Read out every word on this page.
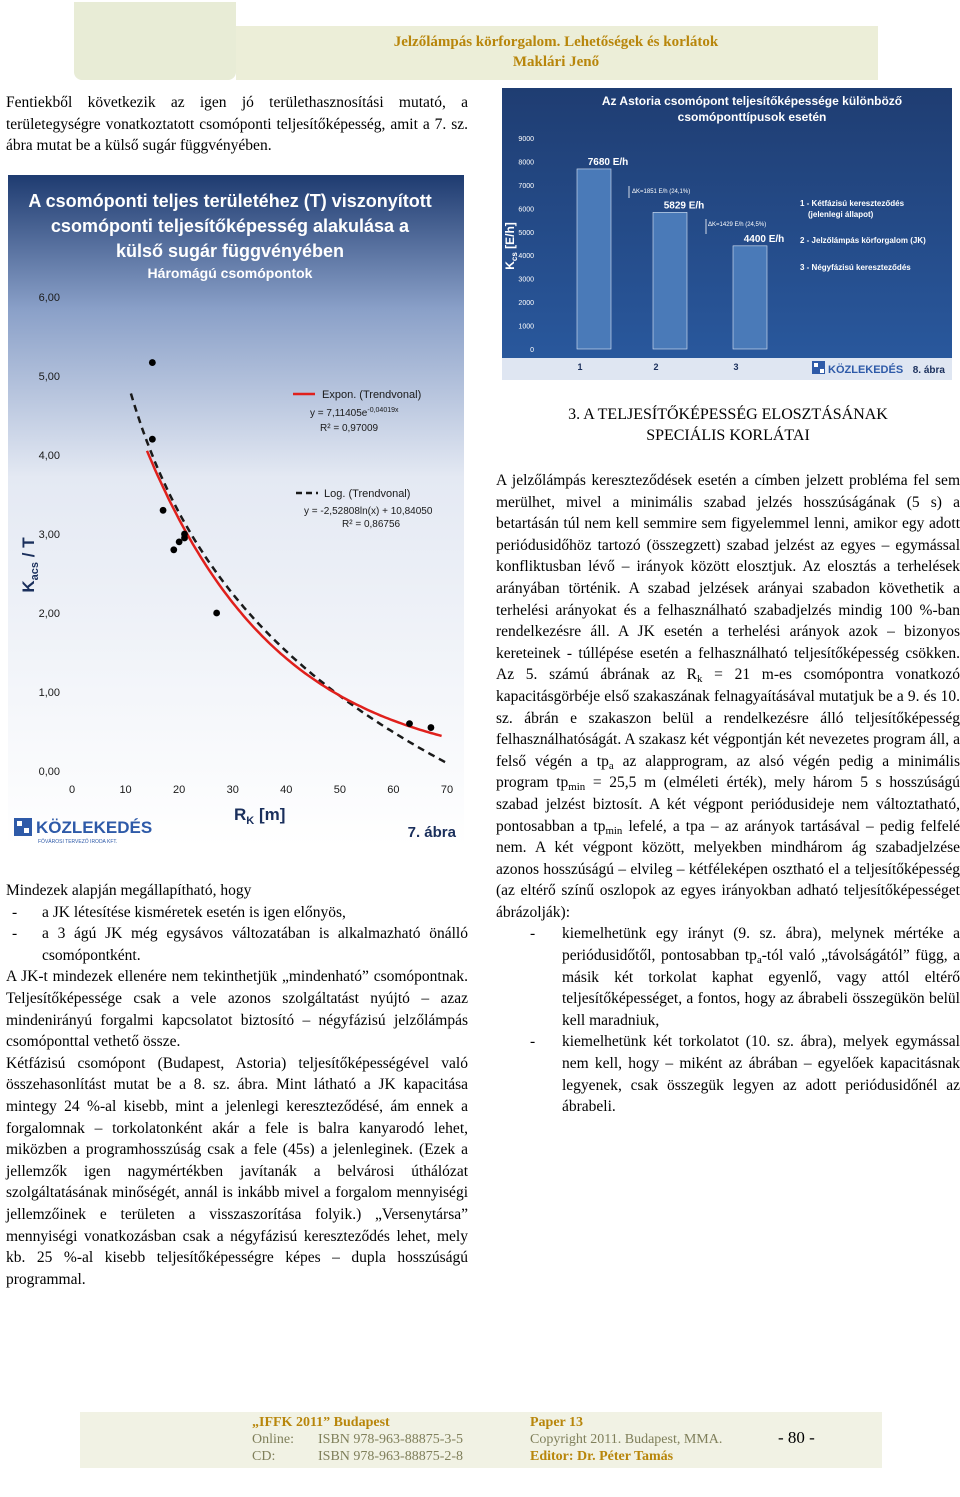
Jelzőlámpás körforgalom. Lehetőségek és korlátok
Maklári Jenő

Fentiekből következik az igen jó területhasznosítási mutató, a területegységre vonatkoztatott csomóponti teljesítőképesség, amit a 7. sz. ábra mutat be a külső sugár függvényében.

A csomóponti teljes területéhez (T) viszonyított
csomóponti teljesítőképesség alakulása a
külső sugár függvényében
Háromágú csomópontok
$K_{acs}$ / T
0,00
1,00
2,00
3,00
4,00
5,00
6,00
0	10	20	30	40	50	60	70
Expon. (Trendvonal)
$y = 7,11405e^{-0,04019x}$
R² = 0,97009
Log. (Trendvonal)
y = -2,52808ln(x) + 10,84050
R² = 0,86756
$R_K$ [m]
KÖZLEKEDÉS
FŐVÁROSI TERVEZŐ IRODA KFT.
7. ábra
Az Astoria csomópont teljesítőképessége különböző
csomóponttípusok esetén
$K_{cs}$ [E/h]
0
1000
2000
3000
4000
5000
6000
7000
8000
9000
7680 E/h
1
5829 E/h
2
4400 E/h
3
ΔK=1851 E/h (24,1%)
ΔK=1429 E/h (24,5%)
1 - Kétfázisú kereszteződés
(jelenlegi állapot)
2 - Jelzőlámpás körforgalom (JK)
3 - Négyfázisú kereszteződés
KÖZLEKEDÉS 8. ábra
3. A TELJESÍTŐKÉPESSÉG ELOSZTÁSÁNAK
SPECIÁLIS KORLÁTAI

Mindezek alapján megállapítható, hogy

-	a JK létesítése kisméretek esetén is igen előnyös,
-	a 3 ágú JK még egysávos változatában is alkalmazható önálló csomópontként.

A JK-t mindezek ellenére nem tekinthetjük „mindenható” csomópontnak. Teljesítőképessége csak a vele azonos szolgáltatást nyújtó – azaz mindenirányú forgalmi kapcsolatot biztosító – négyfázisú jelzőlámpás csomóponttal vethető össze.

Kétfázisú csomópont (Budapest, Astoria) teljesítőképességével való összehasonlítást mutat be a 8. sz. ábra. Mint látható a JK kapacitása mintegy 24 %-al kisebb, mint a jelenlegi kereszteződésé, ám ennek a forgalomnak – torkolatonként akár a fele is balra kanyarodó lehet, miközben a programhosszúság csak a fele (45s) a jelenleginek. (Ezek a jellemzők igen nagymértékben javítanák a belvárosi úthálózat szolgáltatásának minőségét, annál is inkább mivel a forgalom mennyiségi jellemzőinek e területen a visszaszorítása folyik.) „Versenytársa” mennyiségi vonatkozásban csak a négyfázisú kereszteződés lehet, mely kb. 25 %-al kisebb teljesítőképességre képes – dupla hosszúságú programmal.

A jelzőlámpás kereszteződések esetén a címben jelzett probléma fel sem merülhet, mivel a minimális szabad jelzés hosszúságának (5 s) a betartásán túl nem kell semmire sem figyelemmel lenni, amikor egy adott periódusidőhöz tartozó (összegzett) szabad jelzést az egyes – egymással konfliktusban lévő – irányok között elosztjuk. Az elosztás a terhelések arányában történik. A szabad jelzések arányai szabadon követhetik a terhelési arányokat és a felhasználható szabadjelzés mindig 100 %-ban rendelkezésre áll. A JK esetén a terhelési arányok azok – bizonyos kereteinek - túllépése esetén a felhasználható teljesítőképesség csökken. Az 5. számú ábrának az $R_k = 21$ m-es csomópontra vonatkozó kapacitásgörbéje első szakaszának felnagyaításával mutatjuk be a 9. és 10. sz. ábrán e szakaszon belül a rendelkezésre álló teljesítőképesség felhasználhatóságát. A szakasz két végpontján két nevezetes program áll, a felső végén a $tp_a$ az alapprogram, az alsó végén pedig a minimális program $tp_{min} = 25,5$ m (elméleti érték), mely három 5 s hosszúságú szabad jelzést biztosít. A két végpont periódusideje nem változtatható, pontosabban a $tp_{min}$ lefelé, a tpa – az arányok tartásával – pedig felfelé nem. A két végpont között, melyekben mindhárom ág szabadjelzése azonos hosszúságú – elvileg – kétféleképen osztható el a teljesítőképesség (az eltérő színű oszlopok az egyes irányokban adható teljesítőképességet ábrázolják):

-	kiemelhetünk egy irányt (9. sz. ábra), melynek mértéke a periódusidőtől, pontosabban $tp_a$-tól való „távolságától” függ, a másik két torkolat kaphat egyenlő, vagy attól eltérő teljesítőképességet, a fontos, hogy az ábrabeli összegükön belül kell maradniuk,
-	kiemelhetünk két torkolatot (10. sz. ábra), melyek egymással nem kell, hogy – miként az ábrában – egyelőek kapacitásnak legyenek, csak összegük legyen az adott periódusidőnél az ábrabeli.
„IFFK 2011” Budapest
Online: ISBN 978-963-88875-3-5
CD:	ISBN 978-963-88875-2-8
Paper 13
Copyright 2011. Budapest, MMA.
Editor: Dr. Péter Tamás
- 80 -
